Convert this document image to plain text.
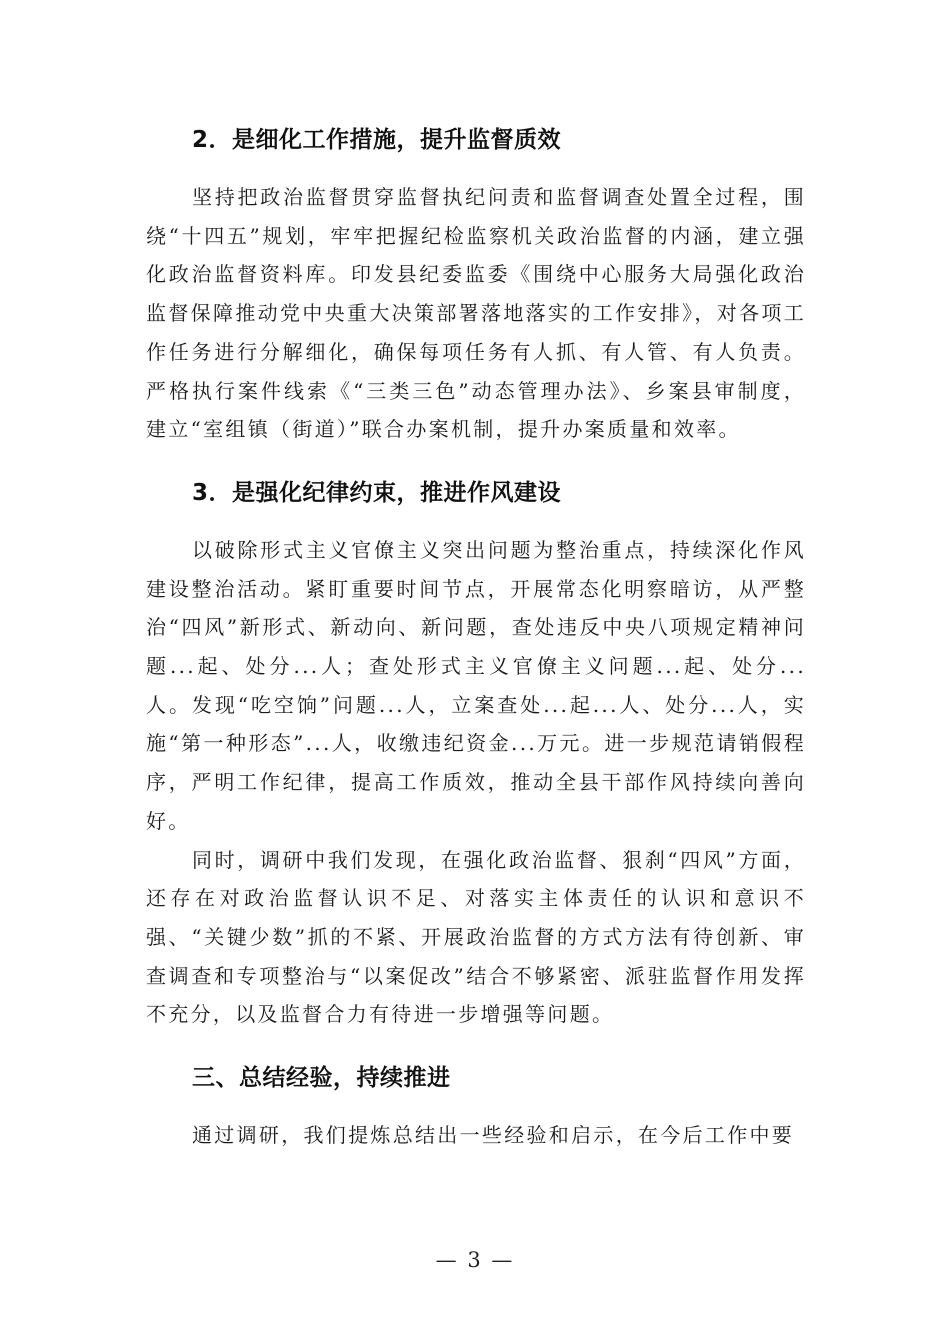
2．是细化工作措施，提升监督质效

坚持把政治监督贯穿监督执纪问责和监督调查处置全过程，围绕“十四五”规划，牢牢把握纪检监察机关政治监督的内涵，建立强化政治监督资料库。印发县纪委监委《围绕中心服务大局强化政治监督保障推动党中央重大决策部署落地落实的工作安排》，对各项工作任务进行分解细化，确保每项任务有人抓、有人管、有人负责。严格执行案件线索《“三类三色”动态管理办法》、乡案县审制度，建立“室组镇（街道）”联合办案机制，提升办案质量和效率。

3．是强化纪律约束，推进作风建设

以破除形式主义官僚主义突出问题为整治重点，持续深化作风建设整治活动。紧盯重要时间节点，开展常态化明察暗访，从严整治“四风”新形式、新动向、新问题，查处违反中央八项规定精神问题...起、处分...人；查处形式主义官僚主义问题...起、处分...人。发现“吃空饷”问题...人，立案查处...起...人、处分...人，实施“第一种形态”...人，收缴违纪资金...万元。进一步规范请销假程序，严明工作纪律，提高工作质效，推动全县干部作风持续向善向好。

同时，调研中我们发现，在强化政治监督、狠刹“四风”方面，还存在对政治监督认识不足、对落实主体责任的认识和意识不强、“关键少数”抓的不紧、开展政治监督的方式方法有待创新、审查调查和专项整治与“以案促改”结合不够紧密、派驻监督作用发挥不充分，以及监督合力有待进一步增强等问题。

三、总结经验，持续推进

通过调研，我们提炼总结出一些经验和启示，在今后工作中要

— 3 —
